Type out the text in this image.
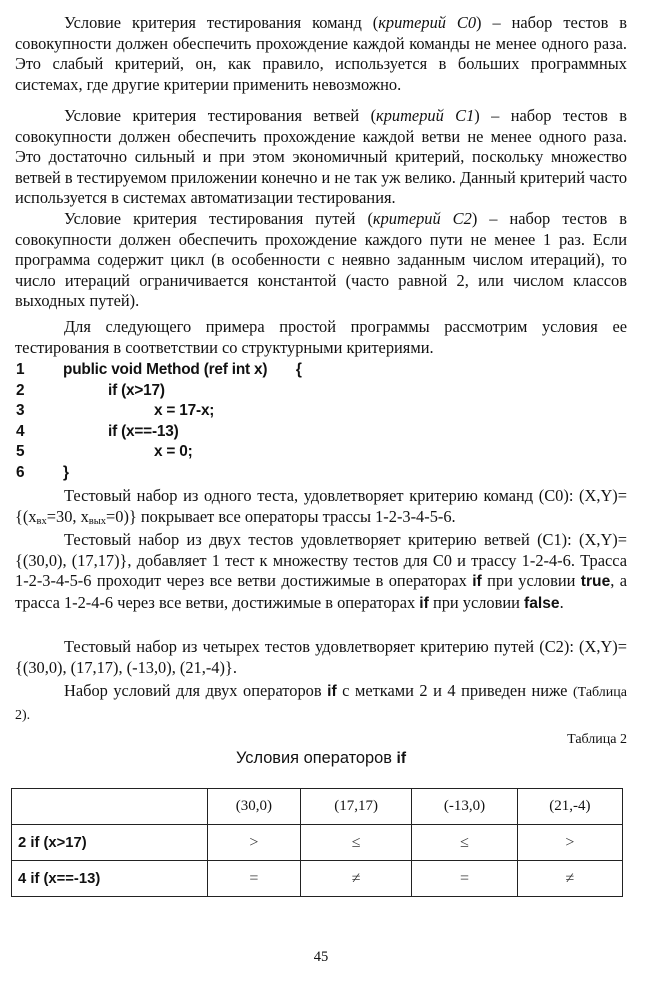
Условие критерия тестирования команд (критерий С0) – набор тестов в совокупности должен обеспечить прохождение каждой команды не менее одного раза. Это слабый критерий, он, как правило, используется в больших программных системах, где другие критерии применить невозможно.

Условие критерия тестирования ветвей (критерий С1) – набор тестов в совокупности должен обеспечить прохождение каждой ветви не менее одного раза. Это достаточно сильный и при этом экономичный критерий, поскольку множество ветвей в тестируемом приложении конечно и не так уж велико. Данный критерий часто используется в системах автоматизации тестирования.

Условие критерия тестирования путей (критерий С2) – набор тестов в совокупности должен обеспечить прохождение каждого пути не менее 1 раз. Если программа содержит цикл (в особенности с неявно заданным числом итераций), то число итераций ограничивается константой (часто равной 2, или числом классов выходных путей).

Для следующего примера простой программы рассмотрим условия ее тестирования в соответствии со структурными критериями.

1	public void Method (ref int x)       {
2	if (x>17)
3	x = 17-x;
4	if (x==-13)
5	x = 0;
6	}

Тестовый набор из одного теста, удовлетворяет критерию команд (С0): (X,Y)={(xвх=30, xвых=0)} покрывает все операторы трассы 1-2-3-4-5-6.

Тестовый набор из двух тестов удовлетворяет критерию ветвей (С1): (X,Y)={(30,0), (17,17)}, добавляет 1 тест к множеству тестов для С0 и трассу 1-2-4-6. Трасса 1-2-3-4-5-6 проходит через все ветви достижимые в операторах if при условии true, а трасса 1-2-4-6 через все ветви, достижимые в операторах if при условии false.

Тестовый набор из четырех тестов удовлетворяет критерию путей (С2): (X,Y)={(30,0), (17,17), (-13,0), (21,-4)}.

Набор условий для двух операторов if с метками 2 и 4 приведен ниже (Таблица 2).

Таблица 2
Условия операторов if
	(30,0)	(17,17)	(-13,0)	(21,-4)
2 if (x>17)	>	≤	≤	>
4 if (x==-13)	=	≠	=	≠
45
